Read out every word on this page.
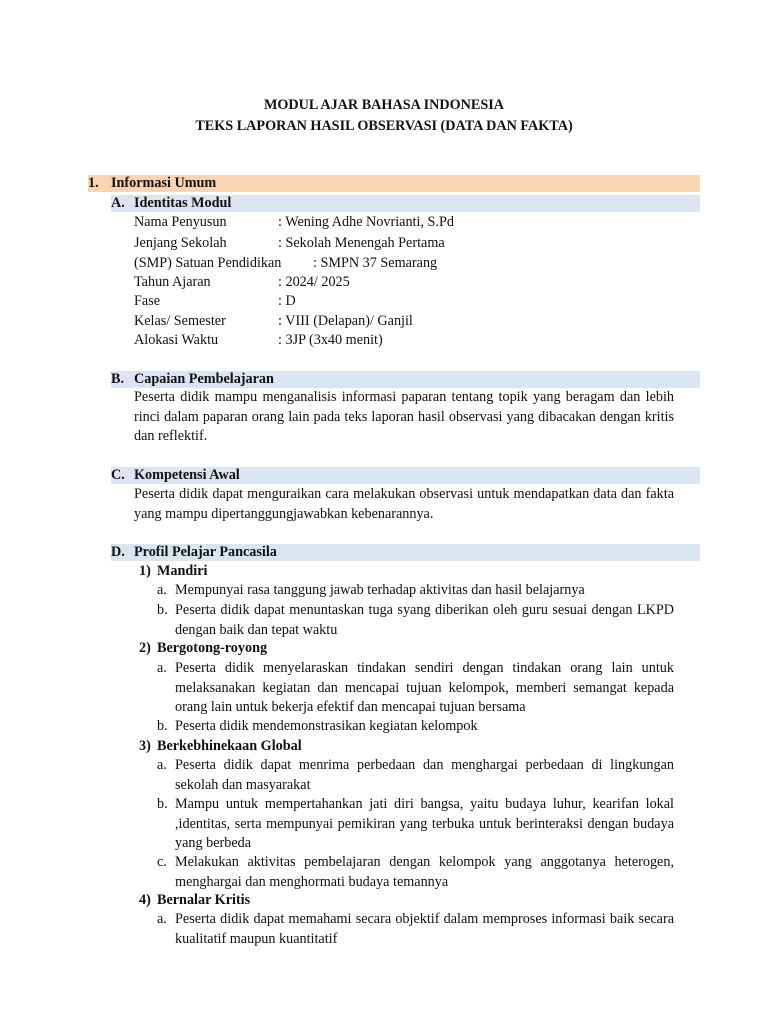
MODUL AJAR BAHASA INDONESIA
TEKS LAPORAN HASIL OBSERVASI (DATA DAN FAKTA)
1. Informasi Umum
A. Identitas Modul
Nama Penyusun	: Wening Adhe Novrianti, S.Pd
Jenjang Sekolah	: Sekolah Menengah Pertama
(SMP) Satuan Pendidikan : SMPN 37 Semarang
Tahun Ajaran	: 2024/ 2025
Fase	: D
Kelas/ Semester	: VIII (Delapan)/ Ganjil
Alokasi Waktu	: 3JP (3x40 menit)
B. Capaian Pembelajaran
Peserta didik mampu menganalisis informasi paparan tentang topik yang beragam dan lebih rinci dalam paparan orang lain pada teks laporan hasil observasi yang dibacakan dengan kritis dan reflektif.
C. Kompetensi Awal
Peserta didik dapat menguraikan cara melakukan observasi untuk mendapatkan data dan fakta yang mampu dipertanggungjawabkan kebenarannya.
D. Profil Pelajar Pancasila
1) Mandiri
a. Mempunyai rasa tanggung jawab terhadap aktivitas dan hasil belajarnya
b. Peserta didik dapat menuntaskan tuga syang diberikan oleh guru sesuai dengan LKPD dengan baik dan tepat waktu
2) Bergotong-royong
a. Peserta didik menyelaraskan tindakan sendiri dengan tindakan orang lain untuk melaksanakan kegiatan dan mencapai tujuan kelompok, memberi semangat kepada orang lain untuk bekerja efektif dan mencapai tujuan bersama
b. Peserta didik mendemonstrasikan kegiatan kelompok
3) Berkebhinekaan Global
a. Peserta didik dapat menrima perbedaan dan menghargai perbedaan di lingkungan sekolah dan masyarakat
b. Mampu untuk mempertahankan jati diri bangsa, yaitu budaya luhur, kearifan lokal ,identitas, serta mempunyai pemikiran yang terbuka untuk berinteraksi dengan budaya yang berbeda
c. Melakukan aktivitas pembelajaran dengan kelompok yang anggotanya heterogen, menghargai dan menghormati budaya temannya
4) Bernalar Kritis
a. Peserta didik dapat memahami secara objektif dalam memproses informasi baik secara kualitatif maupun kuantitatif
